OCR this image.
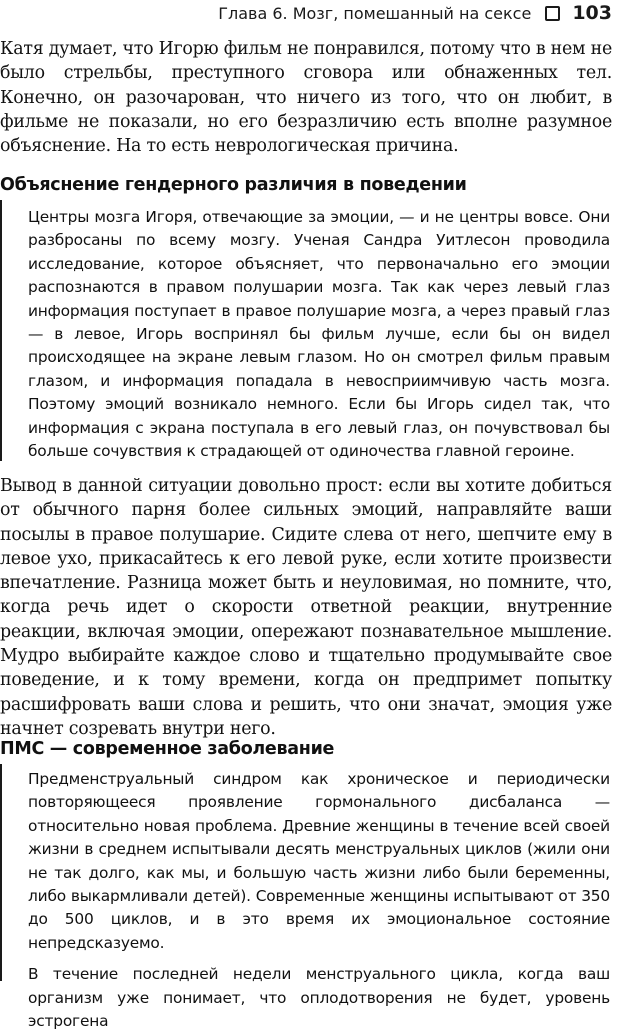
Глава 6. Мозг, помешанный на сексе 103

Катя думает, что Игорю фильм не понравился, потому что в нем не было стрельбы, преступного сговора или обнаженных тел. Конечно, он разочарован, что ничего из того, что он любит, в фильме не показали, но его безразличию есть вполне разумное объяснение. На то есть неврологическая причина.

Объяснение гендерного различия в поведении

Центры мозга Игоря, отвечающие за эмоции, — и не центры вовсе. Они разбросаны по всему мозгу. Ученая Сандра Уитлесон проводила исследование, которое объясняет, что первоначально его эмоции распознаются в правом полушарии мозга. Так как через левый глаз информация поступает в правое полушарие мозга, а через правый глаз — в левое, Игорь воспринял бы фильм лучше, если бы он видел происходящее на экране левым глазом. Но он смотрел фильм правым глазом, и информация попадала в невосприимчивую часть мозга. Поэтому эмоций возникало немного. Если бы Игорь сидел так, что информация с экрана поступала в его левый глаз, он почувствовал бы больше сочувствия к страдающей от одиночества главной героине.

Вывод в данной ситуации довольно прост: если вы хотите добиться от обычного парня более сильных эмоций, направляйте ваши посылы в правое полушарие. Сидите слева от него, шепчите ему в левое ухо, прикасайтесь к его левой руке, если хотите произвести впечатление. Разница может быть и неуловимая, но помните, что, когда речь идет о скорости ответной реакции, внутренние реакции, включая эмоции, опережают познавательное мышление. Мудро выбирайте каждое слово и тщательно продумывайте свое поведение, и к тому времени, когда он предпримет попытку расшифровать ваши слова и решить, что они значат, эмоция уже начнет созревать внутри него.

ПМС — современное заболевание

Предменструальный синдром как хроническое и периодически повторяющееся проявление гормонального дисбаланса — относительно новая проблема. Древние женщины в течение всей своей жизни в среднем испытывали десять менструальных циклов (жили они не так долго, как мы, и большую часть жизни либо были беременны, либо выкармливали детей). Современные женщины испытывают от 350 до 500 циклов, и в это время их эмоциональное состояние непредсказуемо.

В течение последней недели менструального цикла, когда ваш организм уже понимает, что оплодотворения не будет, уровень эстрогена
